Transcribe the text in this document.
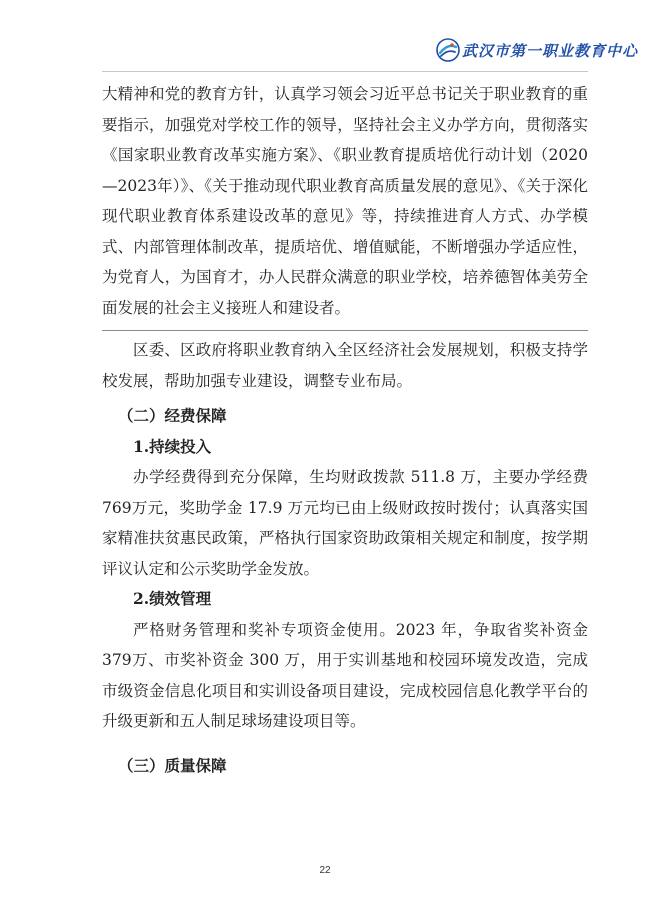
武汉市第一职业教育中心

大精神和党的教育方针，认真学习领会习近平总书记关于职业教育的重要指示，加强党对学校工作的领导，坚持社会主义办学方向，贯彻落实《国家职业教育改革实施方案》、《职业教育提质培优行动计划（2020—2023年）》、《关于推动现代职业教育高质量发展的意见》、《关于深化现代职业教育体系建设改革的意见》等，持续推进育人方式、办学模式、内部管理体制改革，提质培优、增值赋能，不断增强办学适应性，为党育人，为国育才，办人民群众满意的职业学校，培养德智体美劳全面发展的社会主义接班人和建设者。

区委、区政府将职业教育纳入全区经济社会发展规划，积极支持学校发展，帮助加强专业建设，调整专业布局。

（二）经费保障

1.持续投入

办学经费得到充分保障，生均财政拨款 511.8 万，主要办学经费 769万元，奖助学金 17.9 万元均已由上级财政按时拨付；认真落实国家精准扶贫惠民政策，严格执行国家资助政策相关规定和制度，按学期评议认定和公示奖助学金发放。

2.绩效管理

严格财务管理和奖补专项资金使用。2023 年，争取省奖补资金 379万、市奖补资金 300 万，用于实训基地和校园环境发改造，完成市级资金信息化项目和实训设备项目建设，完成校园信息化教学平台的升级更新和五人制足球场建设项目等。

（三）质量保障

22
